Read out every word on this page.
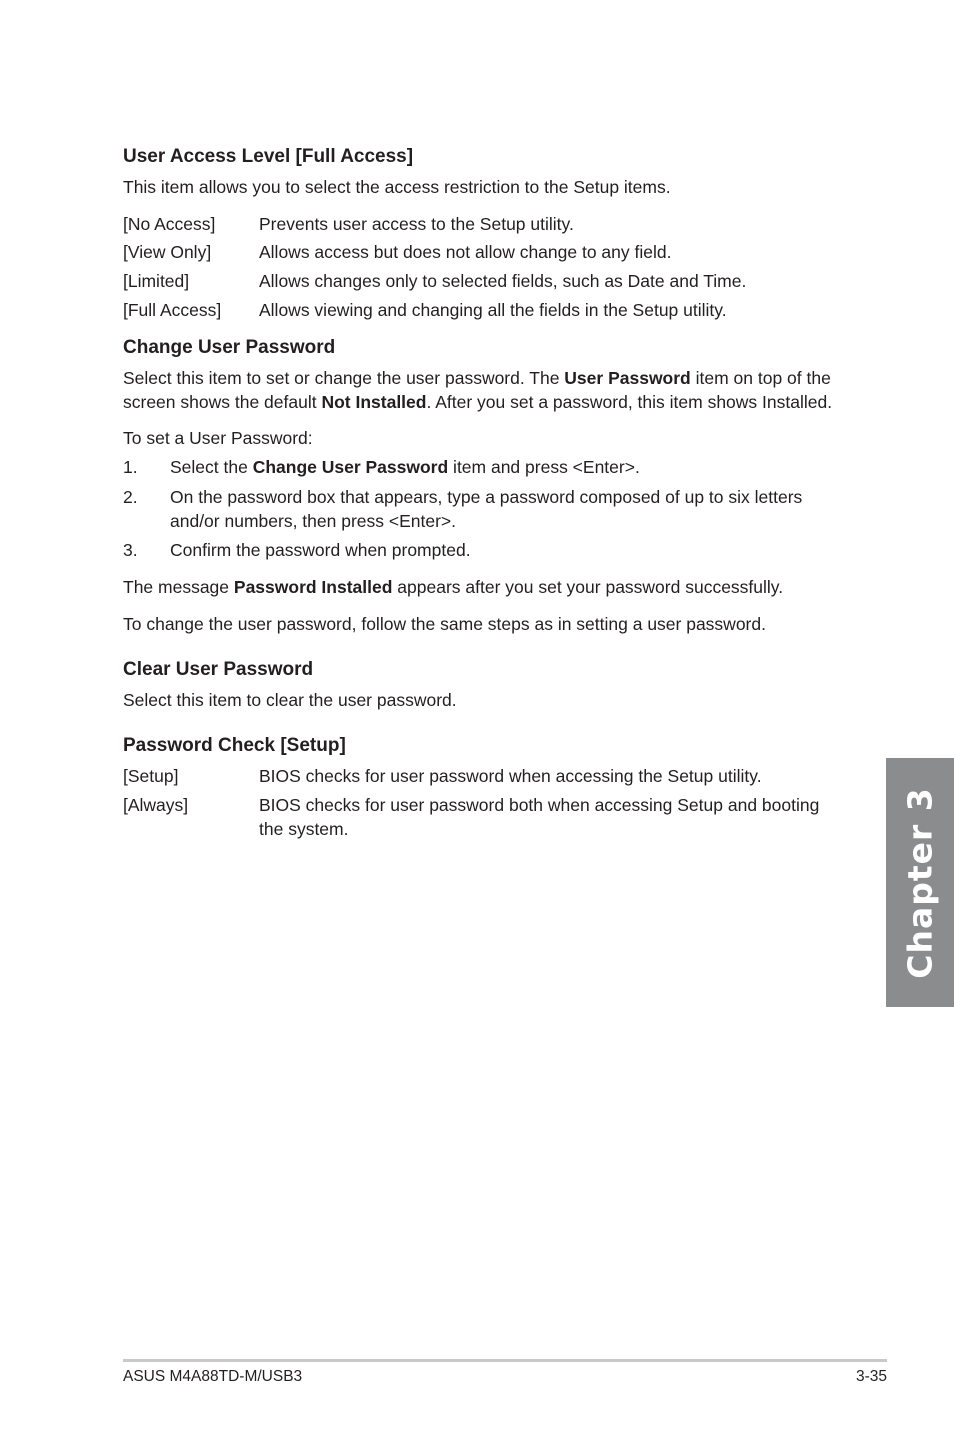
User Access Level [Full Access]
This item allows you to select the access restriction to the Setup items.
[No Access] Prevents user access to the Setup utility.
[View Only]	Allows access but does not allow change to any field.
[Limited]	Allows changes only to selected fields, such as Date and Time.
[Full Access] Allows viewing and changing all the fields in the Setup utility.
Change User Password
Select this item to set or change the user password. The User Password item on top of the screen shows the default Not Installed. After you set a password, this item shows Installed.
To set a User Password:
1. Select the Change User Password item and press <Enter>.
2. On the password box that appears, type a password composed of up to six letters and/or numbers, then press <Enter>.
3. Confirm the password when prompted.
The message Password Installed appears after you set your password successfully.
To change the user password, follow the same steps as in setting a user password.
Clear User Password
Select this item to clear the user password.
Password Check [Setup]
[Setup]	BIOS checks for user password when accessing the Setup utility.
[Always]	BIOS checks for user password both when accessing Setup and booting the system.	Chapter 3
ASUS M4A88TD-M/USB3	3-35
